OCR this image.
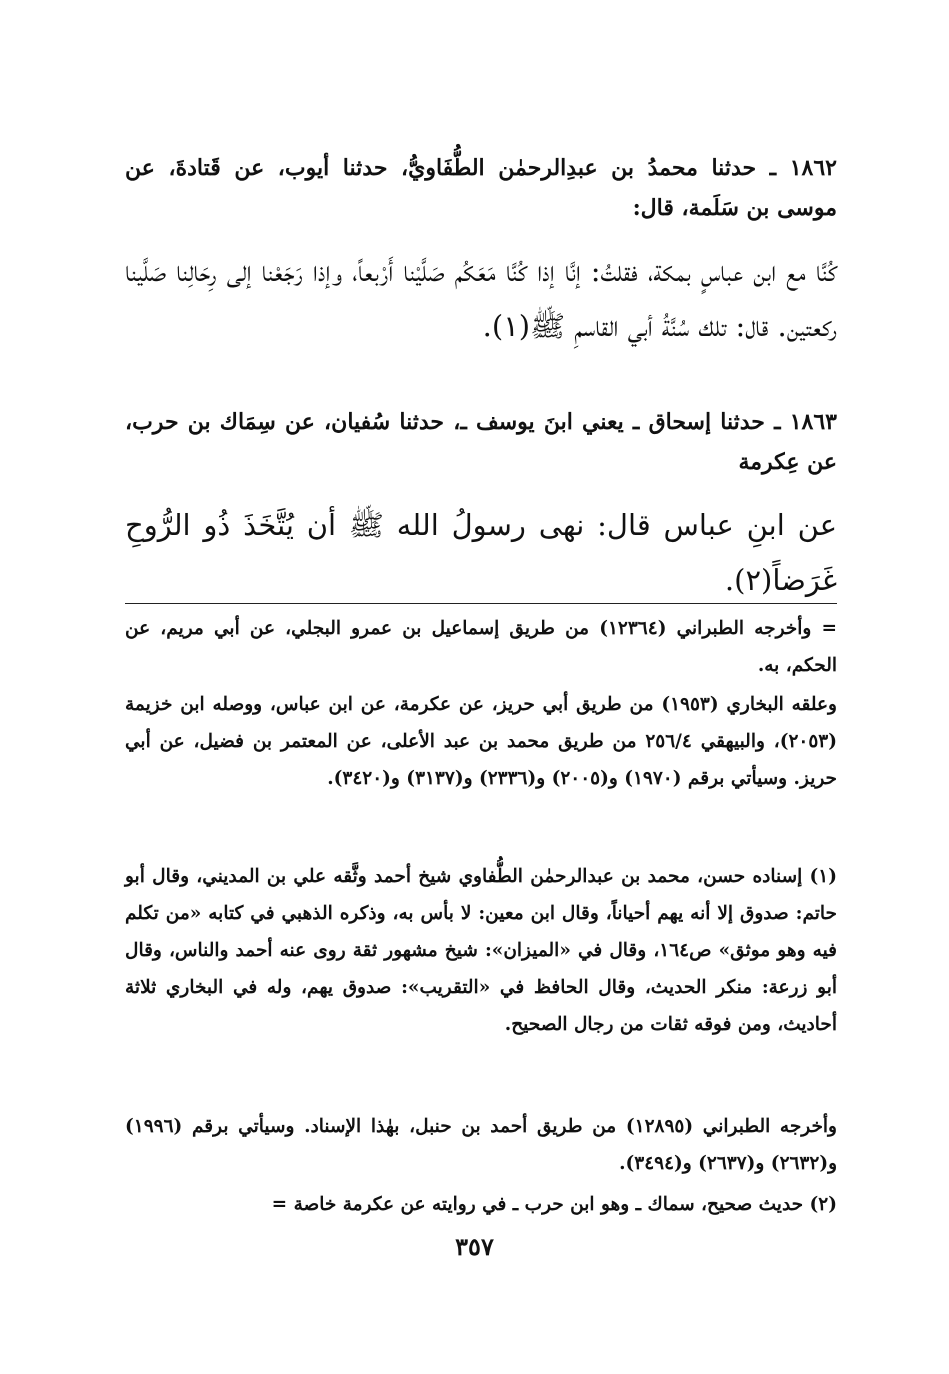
١٨٦٢ ـ حدثنا محمدُ بن عبدِالرحمٰن الطُّفَاويُّ، حدثنا أيوب، عن قَتادةَ، عن موسى بن سَلَمة، قال:

كُنَّا مع ابن عباسٍ بمكة، فقلتُ: إنَّا إذا كُنَّا مَعَكُم صَلَّيْنا أَرْبعاً، وإذا رَجَعْنا إلى رِحَالِنا صَلَّينا ركعتين. قال: تلك سُنَّةُ أبي القاسمِ ﷺ(١).

١٨٦٣ ـ حدثنا إسحاق ـ يعني ابنَ يوسف ـ، حدثنا سُفيان، عن سِمَاك بن حرب، عن عِكرمة

عن ابنِ عباس قال: نهى رسولُ الله ﷺ أن يُتَّخَذَ ذُو الرُّوحِ غَرَضاً(٢).

= وأخرجه الطبراني (١٢٣٦٤) من طريق إسماعيل بن عمرو البجلي، عن أبي مريم، عن الحكم، به.

وعلقه البخاري (١٩٥٣) من طريق أبي حريز، عن عكرمة، عن ابن عباس، ووصله ابن خزيمة (٢٠٥٣)، والبيهقي ٢٥٦/٤ من طريق محمد بن عبد الأعلى، عن المعتمر بن فضيل، عن أبي حريز. وسيأتي برقم (١٩٧٠) و(٢٠٠٥) و(٢٣٣٦) و(٣١٣٧) و(٣٤٢٠).

(١) إسناده حسن، محمد بن عبدالرحمٰن الطُّفاوي شيخ أحمد وثَّقه علي بن المديني، وقال أبو حاتم: صدوق إلا أنه يهم أحياناً، وقال ابن معين: لا بأس به، وذكره الذهبي في كتابه «من تكلم فيه وهو موثق» ص١٦٤، وقال في «الميزان»: شيخ مشهور ثقة روى عنه أحمد والناس، وقال أبو زرعة: منكر الحديث، وقال الحافظ في «التقريب»: صدوق يهم، وله في البخاري ثلاثة أحاديث، ومن فوقه ثقات من رجال الصحيح.

وأخرجه الطبراني (١٢٨٩٥) من طريق أحمد بن حنبل، بهٰذا الإسناد. وسيأتي برقم (١٩٩٦) و(٢٦٣٢) و(٢٦٣٧) و(٣٤٩٤).

(٢) حديث صحيح، سماك ـ وهو ابن حرب ـ في روايته عن عكرمة خاصة =

٣٥٧
